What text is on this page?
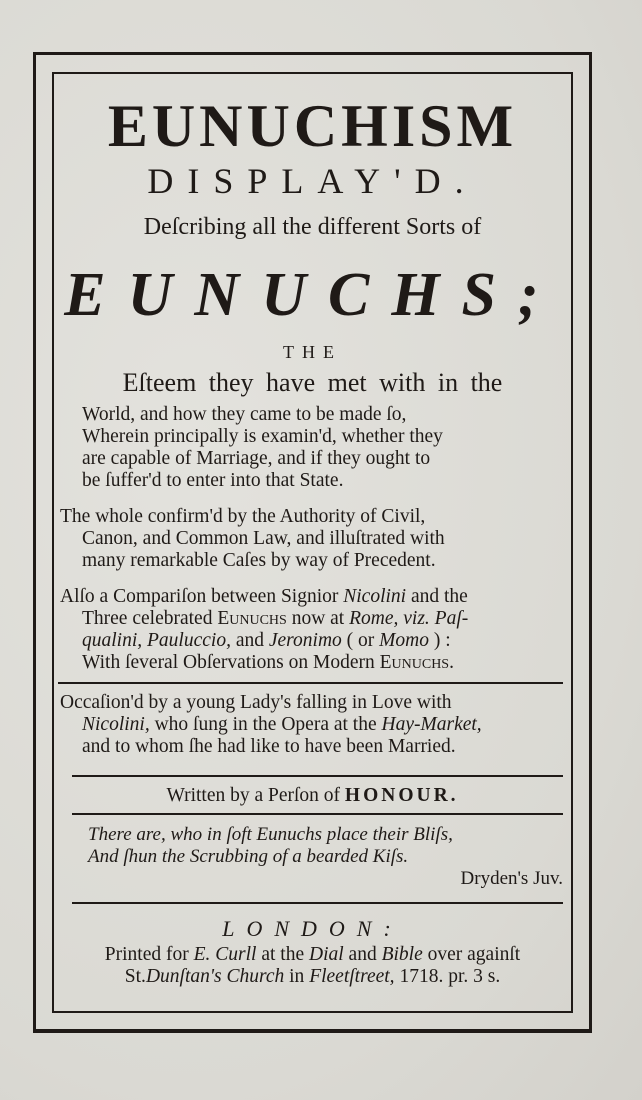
EUNUCHISM
DISPLAY'D.
Deſcribing all the different Sorts of
EUNUCHS;
THE
Eſteem they have met with in the
World, and how they came to be made ſo,
Wherein principally is examin'd, whether they
are capable of Marriage, and if they ought to
be ſuffer'd to enter into that State.
The whole confirm'd by the Authority of Civil,
Canon, and Common Law, and illuſtrated with
many remarkable Caſes by way of Precedent.
Alſo a Compariſon between Signior Nicolini and the
Three celebrated Eunuchs now at Rome, viz. Paſ-
qualini, Pauluccio, and Jeronimo ( or Momo ) :
With ſeveral Obſervations on Modern Eunuchs.
Occaſion'd by a young Lady's falling in Love with
Nicolini, who ſung in the Opera at the Hay-Market,
and to whom ſhe had like to have been Married.
Written by a Perſon of HONOUR.
There are, who in ſoft Eunuchs place their Bliſs,
And ſhun the Scrubbing of a bearded Kiſs.
Dryden's Juv.
LONDON:
Printed for E. Curll at the Dial and Bible over againſt
St.Dunſtan's Church in Fleetſtreet, 1718. pr. 3 s.
